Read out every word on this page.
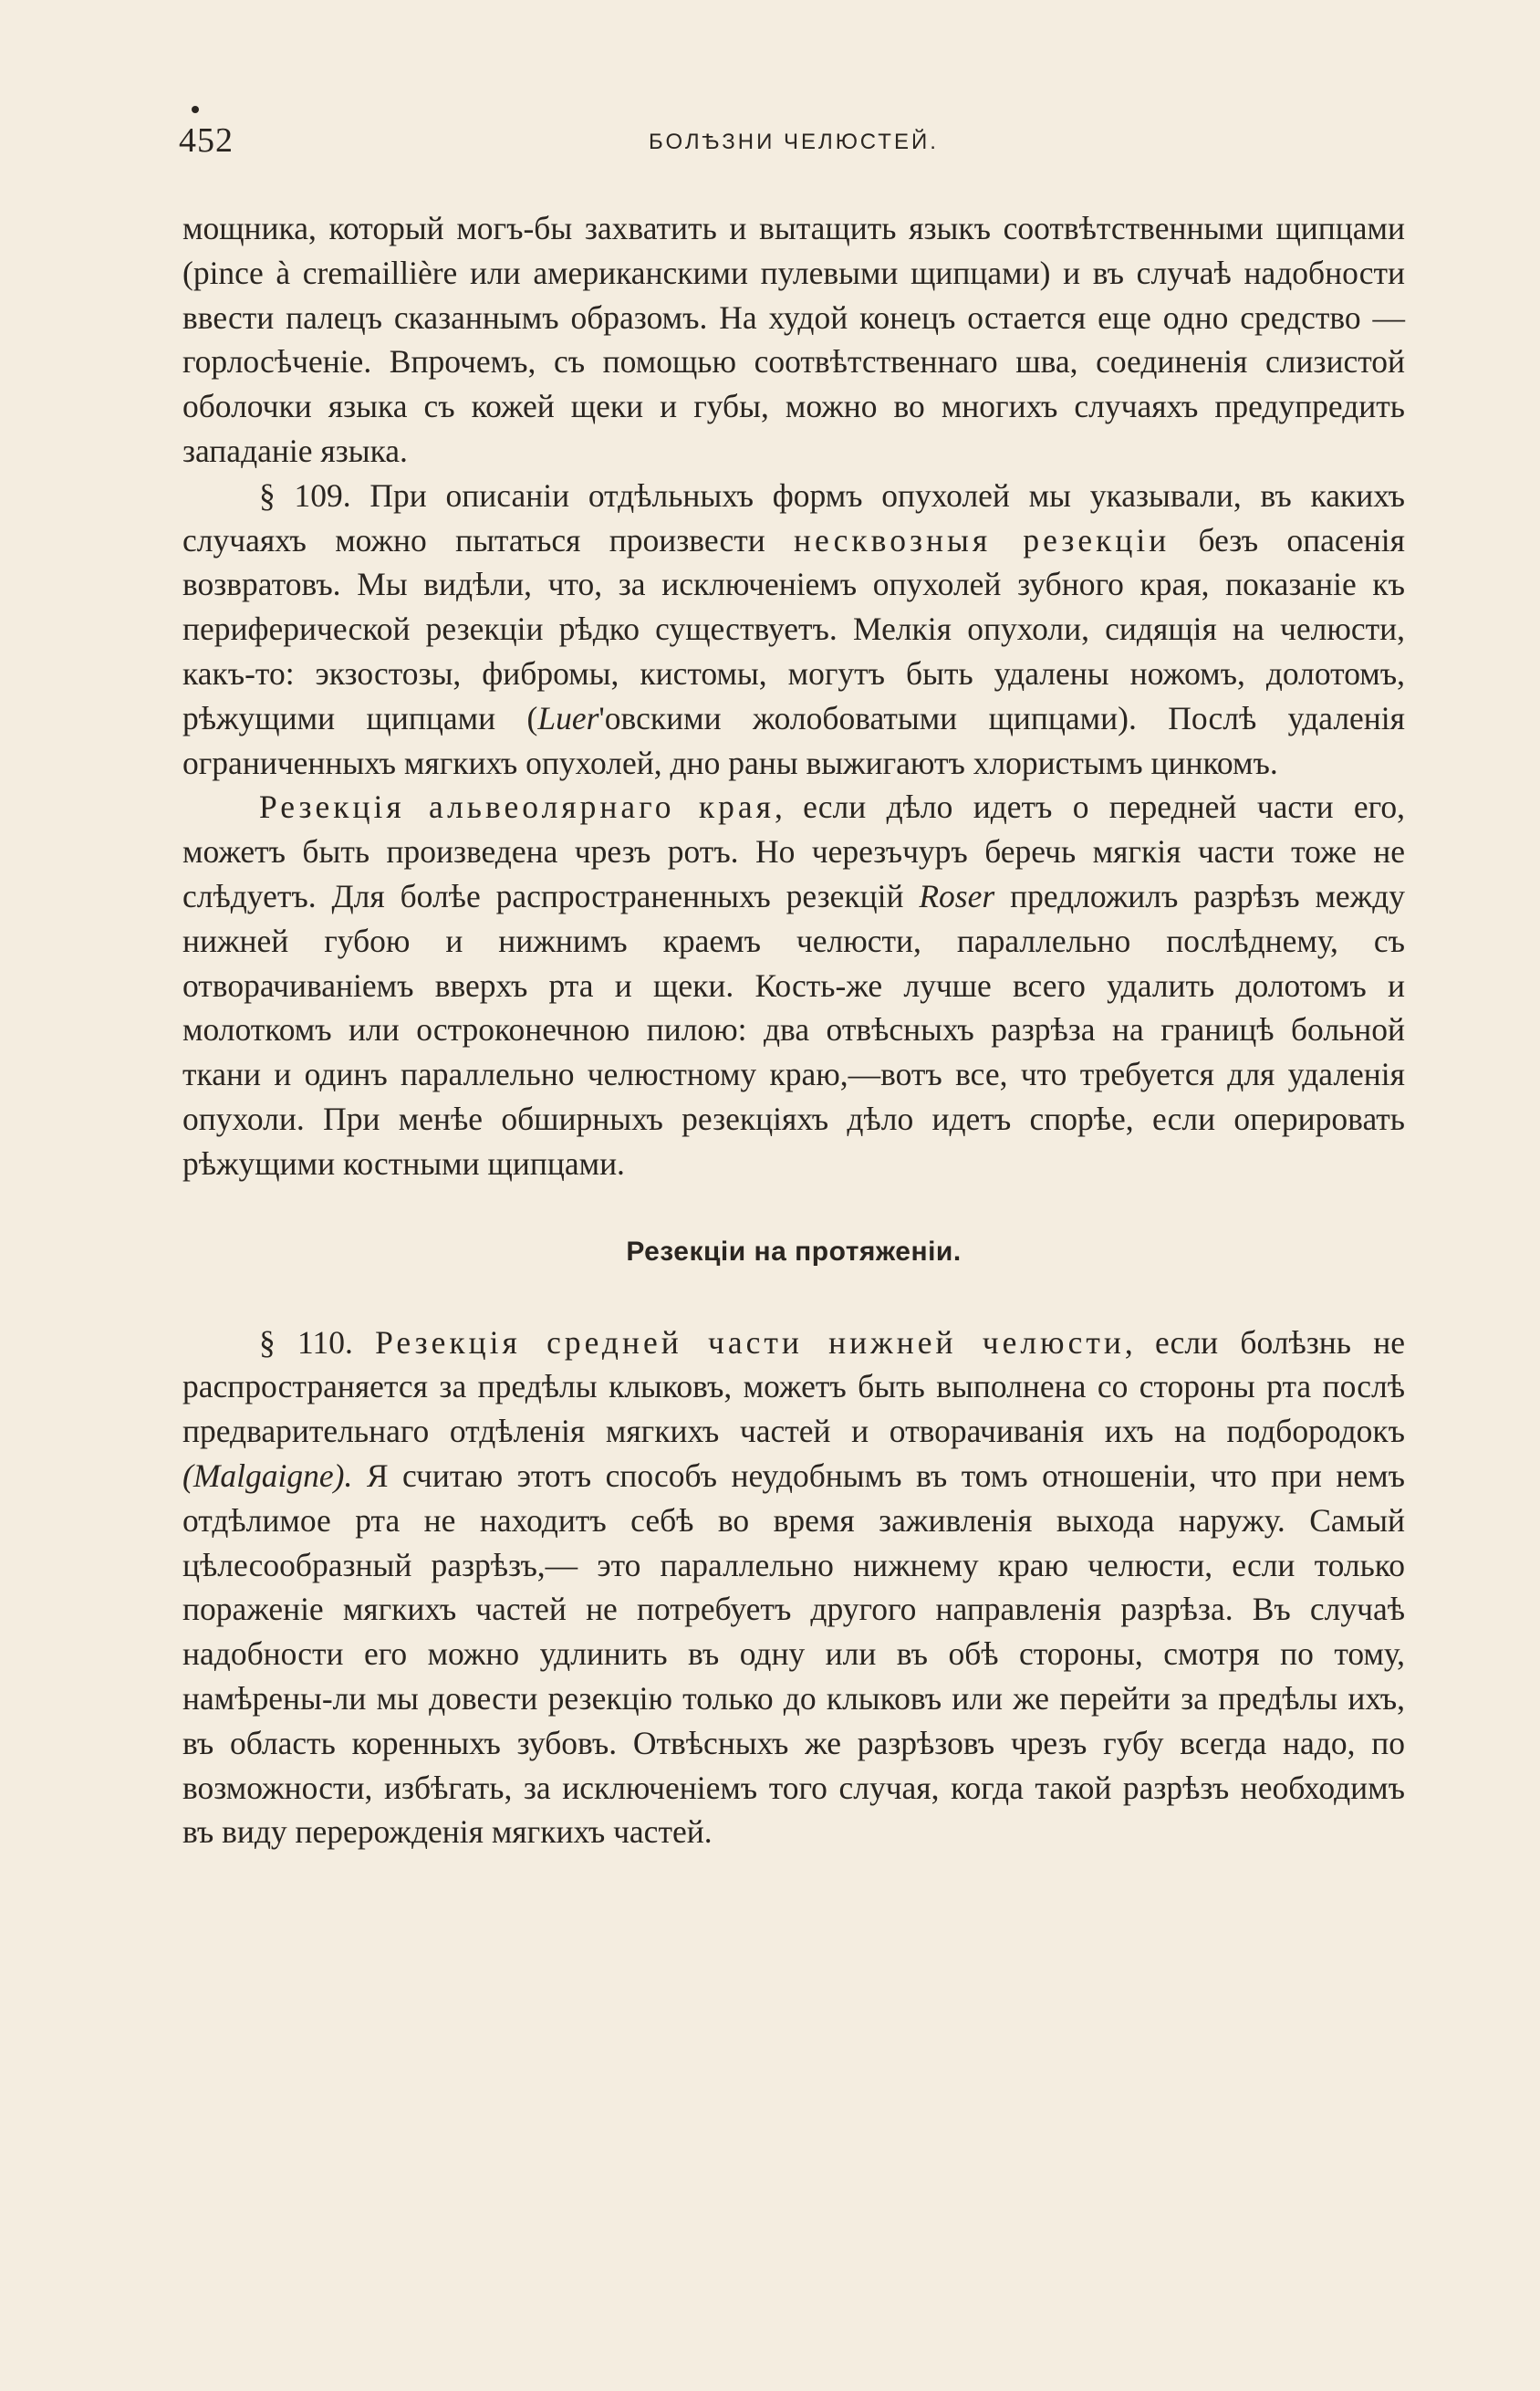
452	БОЛѢЗНИ ЧЕЛЮСТЕЙ.

мощника, который могъ-бы захватить и вытащить языкъ соотвѣтственными щипцами (pince à cremaillière или американскими пулевыми щипцами) и въ случаѣ надобности ввести палецъ сказаннымъ образомъ. На худой конецъ остается еще одно средство — горлосѣченіе. Впрочемъ, съ помощью соотвѣтственнаго шва, соединенія слизистой оболочки языка съ кожей щеки и губы, можно во многихъ случаяхъ предупредить западаніе языка.

§ 109. При описаніи отдѣльныхъ формъ опухолей мы указывали, въ какихъ случаяхъ можно пытаться произвести несквозныя резекціи безъ опасенія возвратовъ. Мы видѣли, что, за исключеніемъ опухолей зубного края, показаніе къ периферической резекціи рѣдко существуетъ. Мелкія опухоли, сидящія на челюсти, какъ-то: экзостозы, фибромы, кистомы, могутъ быть удалены ножомъ, долотомъ, рѣжущими щипцами (Luer'овскими жолобоватыми щипцами). Послѣ удаленія ограниченныхъ мягкихъ опухолей, дно раны выжигаютъ хлористымъ цинкомъ.

Резекція альвеолярнаго края, если дѣло идетъ о передней части его, можетъ быть произведена чрезъ ротъ. Но черезъчуръ беречь мягкія части тоже не слѣдуетъ. Для болѣе распространенныхъ резекцій Roser предложилъ разрѣзъ между нижней губою и нижнимъ краемъ челюсти, параллельно послѣднему, съ отворачиваніемъ вверхъ рта и щеки. Кость-же лучше всего удалить долотомъ и молоткомъ или остроконечною пилою: два отвѣсныхъ разрѣза на границѣ больной ткани и одинъ параллельно челюстному краю,—вотъ все, что требуется для удаленія опухоли. При менѣе обширныхъ резекціяхъ дѣло идетъ спорѣе, если оперировать рѣжущими костными щипцами.

Резекціи на протяженіи.

§ 110. Резекція средней части нижней челюсти, если болѣзнь не распространяется за предѣлы клыковъ, можетъ быть выполнена со стороны рта послѣ предварительнаго отдѣленія мягкихъ частей и отворачиванія ихъ на подбородокъ (Malgaigne). Я считаю этотъ способъ неудобнымъ въ томъ отношеніи, что при немъ отдѣлимое рта не находитъ себѣ во время заживленія выхода наружу. Самый цѣлесообразный разрѣзъ,— это параллельно нижнему краю челюсти, если только пораженіе мягкихъ частей не потребуетъ другого направленія разрѣза. Въ случаѣ надобности его можно удлинить въ одну или въ обѣ стороны, смотря по тому, намѣрены-ли мы довести резекцію только до клыковъ или же перейти за предѣлы ихъ, въ область коренныхъ зубовъ. Отвѣсныхъ же разрѣзовъ чрезъ губу всегда надо, по возможности, избѣгать, за исключеніемъ того случая, когда такой разрѣзъ необходимъ въ виду перерожденія мягкихъ частей.
